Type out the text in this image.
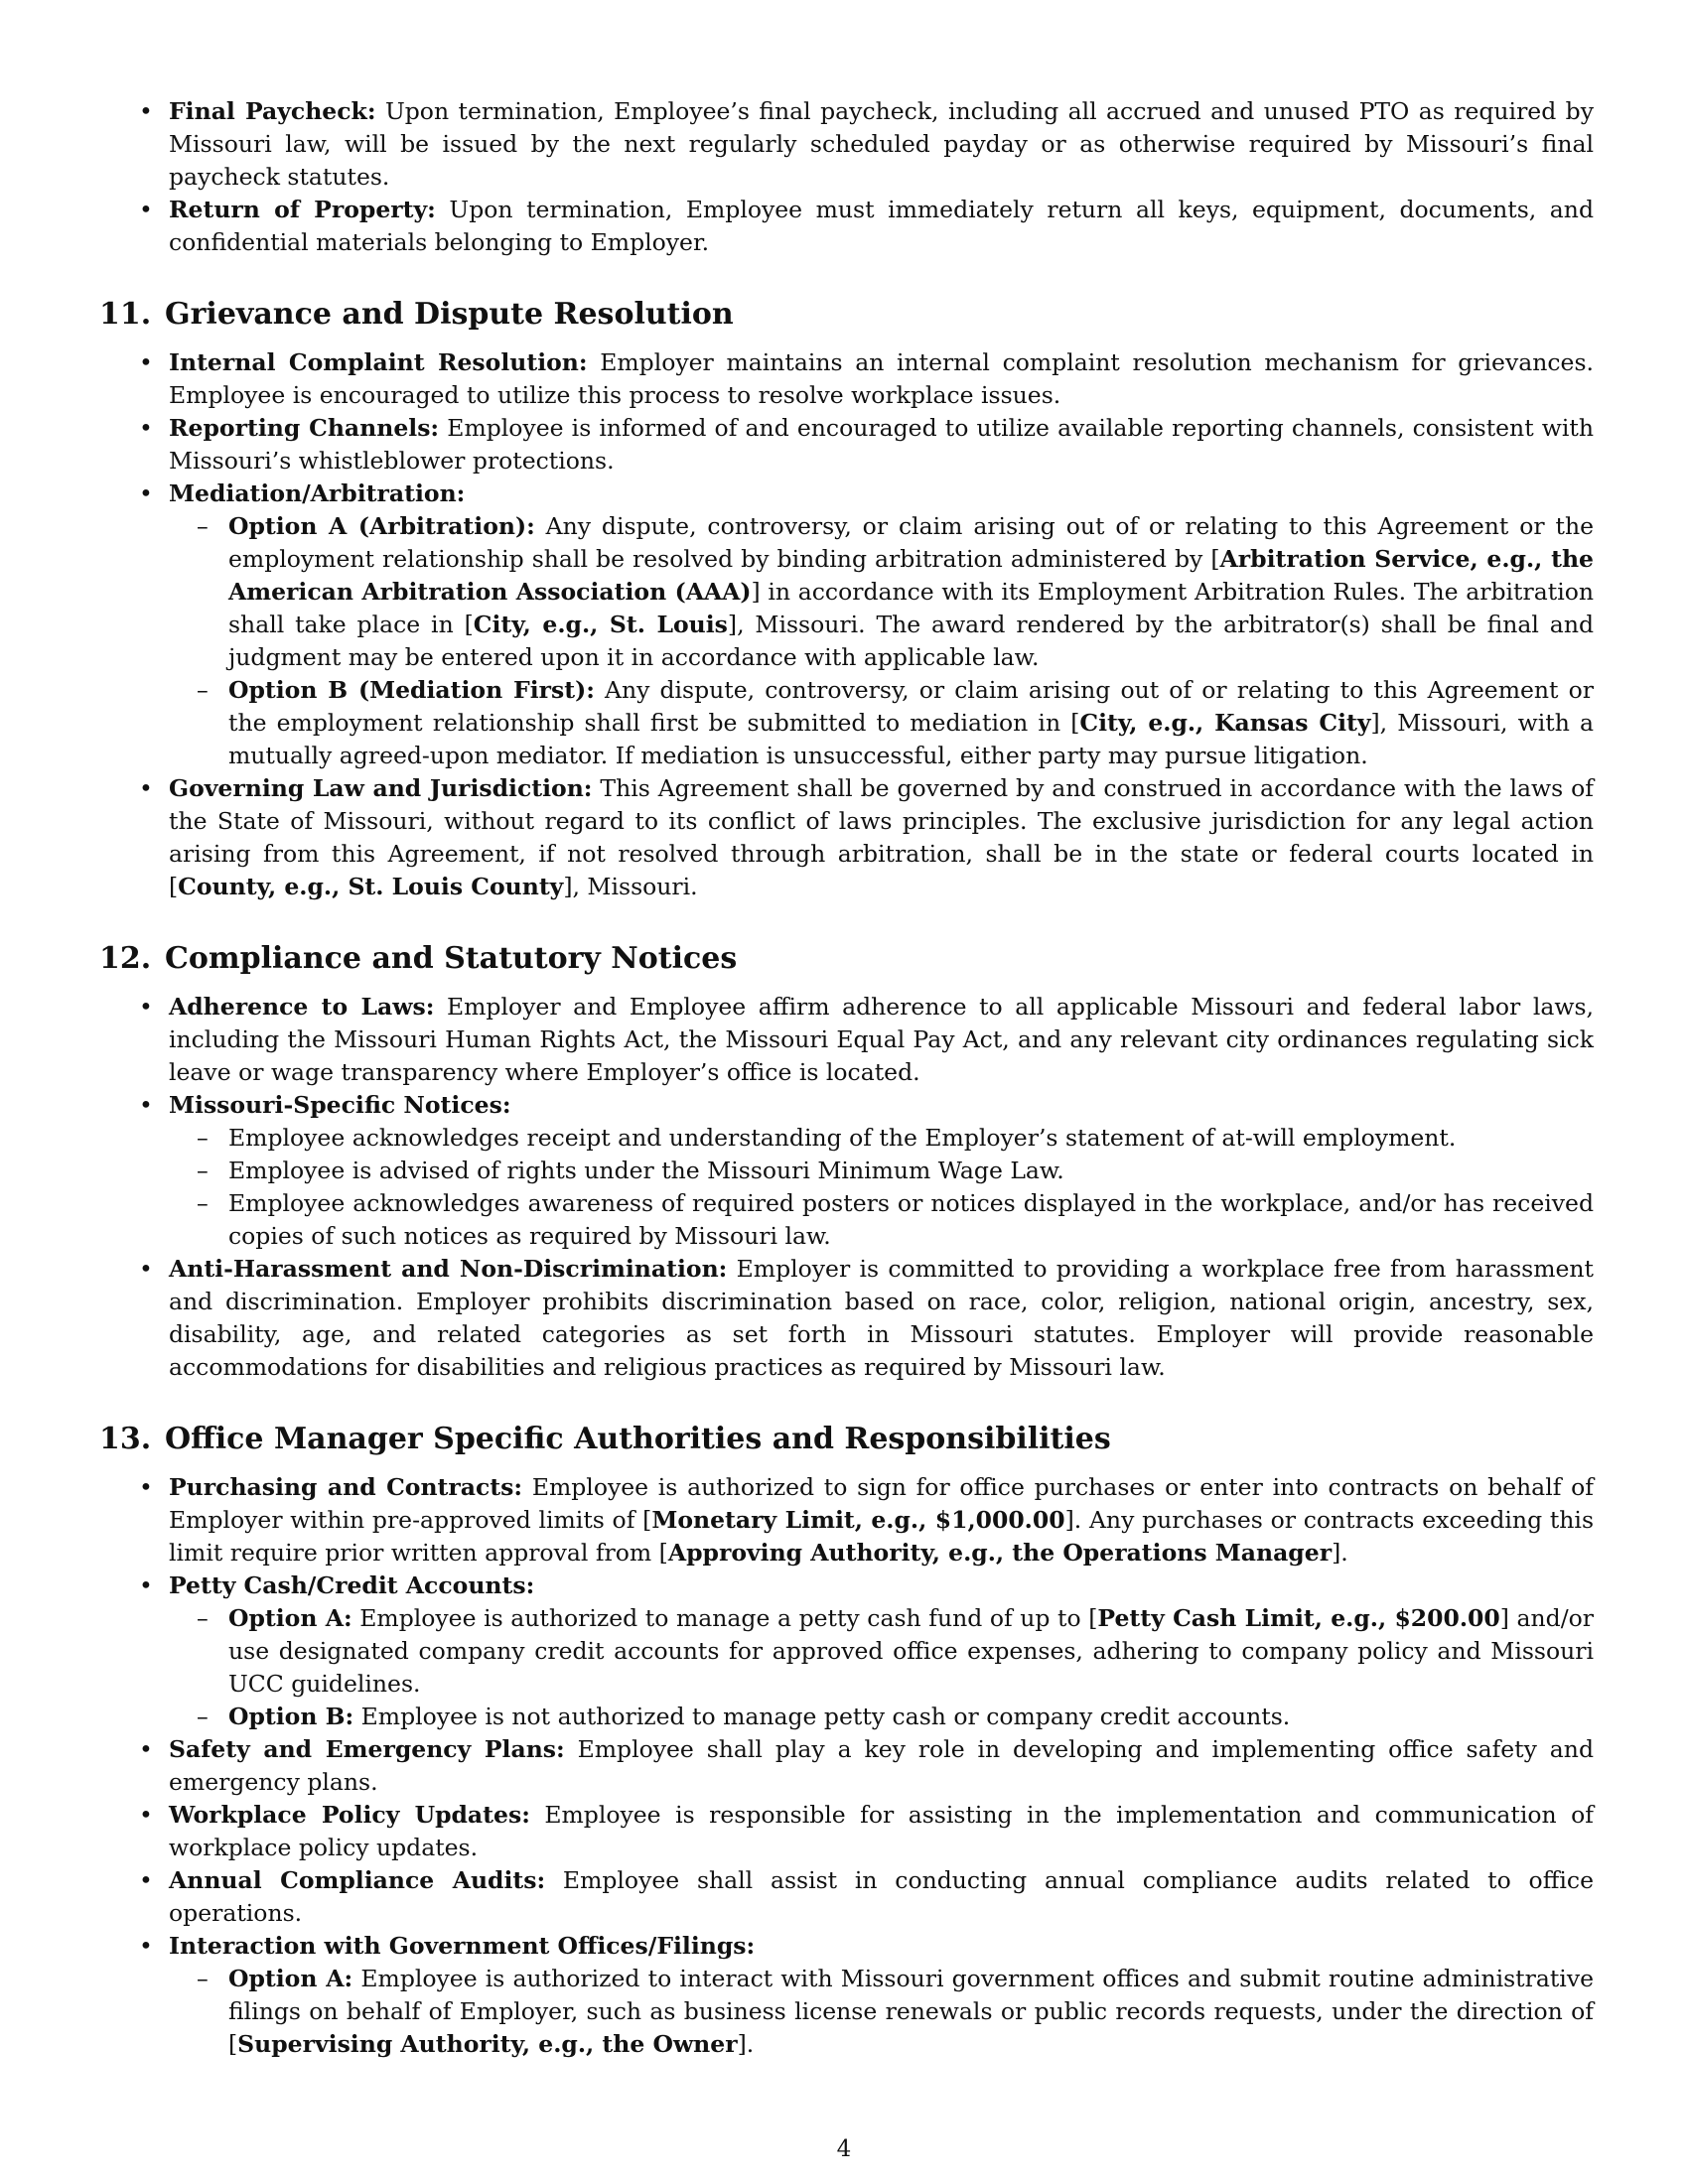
• Final Paycheck: Upon termination, Employee’s final paycheck, including all accrued and unused PTO as required by Missouri law, will be issued by the next regularly scheduled payday or as otherwise required by Missouri’s final paycheck statutes.
• Return of Property: Upon termination, Employee must immediately return all keys, equipment, documents, and confidential materials belonging to Employer.
11. Grievance and Dispute Resolution
• Internal Complaint Resolution: Employer maintains an internal complaint resolution mechanism for grievances. Employee is encouraged to utilize this process to resolve workplace issues.
• Reporting Channels: Employee is informed of and encouraged to utilize available reporting channels, consistent with Missouri’s whistleblower protections.
• Mediation/Arbitration:
– Option A (Arbitration): Any dispute, controversy, or claim arising out of or relating to this Agreement or the employment relationship shall be resolved by binding arbitration administered by [Arbitration Service, e.g., the American Arbitration Association (AAA)] in accordance with its Employment Arbitration Rules. The arbitration shall take place in [City, e.g., St. Louis], Missouri. The award rendered by the arbitrator(s) shall be final and judgment may be entered upon it in accordance with applicable law.
– Option B (Mediation First): Any dispute, controversy, or claim arising out of or relating to this Agreement or the employment relationship shall first be submitted to mediation in [City, e.g., Kansas City], Missouri, with a mutually agreed-upon mediator. If mediation is unsuccessful, either party may pursue litigation.
• Governing Law and Jurisdiction: This Agreement shall be governed by and construed in accordance with the laws of the State of Missouri, without regard to its conflict of laws principles. The exclusive jurisdiction for any legal action arising from this Agreement, if not resolved through arbitration, shall be in the state or federal courts located in [County, e.g., St. Louis County], Missouri.
12. Compliance and Statutory Notices
• Adherence to Laws: Employer and Employee affirm adherence to all applicable Missouri and federal labor laws, including the Missouri Human Rights Act, the Missouri Equal Pay Act, and any relevant city ordinances regulating sick leave or wage transparency where Employer’s office is located.
• Missouri-Specific Notices:
– Employee acknowledges receipt and understanding of the Employer’s statement of at-will employment.
– Employee is advised of rights under the Missouri Minimum Wage Law.
– Employee acknowledges awareness of required posters or notices displayed in the workplace, and/or has received copies of such notices as required by Missouri law.
• Anti-Harassment and Non-Discrimination: Employer is committed to providing a workplace free from harassment and discrimination. Employer prohibits discrimination based on race, color, religion, national origin, ancestry, sex, disability, age, and related categories as set forth in Missouri statutes. Employer will provide reasonable accommodations for disabilities and religious practices as required by Missouri law.
13. Office Manager Specific Authorities and Responsibilities
• Purchasing and Contracts: Employee is authorized to sign for office purchases or enter into contracts on behalf of Employer within pre-approved limits of [Monetary Limit, e.g., $1,000.00]. Any purchases or contracts exceeding this limit require prior written approval from [Approving Authority, e.g., the Operations Manager].
• Petty Cash/Credit Accounts:
– Option A: Employee is authorized to manage a petty cash fund of up to [Petty Cash Limit, e.g., $200.00] and/or use designated company credit accounts for approved office expenses, adhering to company policy and Missouri UCC guidelines.
– Option B: Employee is not authorized to manage petty cash or company credit accounts.
• Safety and Emergency Plans: Employee shall play a key role in developing and implementing office safety and emergency plans.
• Workplace Policy Updates: Employee is responsible for assisting in the implementation and communication of workplace policy updates.
• Annual Compliance Audits: Employee shall assist in conducting annual compliance audits related to office operations.
• Interaction with Government Offices/Filings:
– Option A: Employee is authorized to interact with Missouri government offices and submit routine administrative filings on behalf of Employer, such as business license renewals or public records requests, under the direction of [Supervising Authority, e.g., the Owner].
4
